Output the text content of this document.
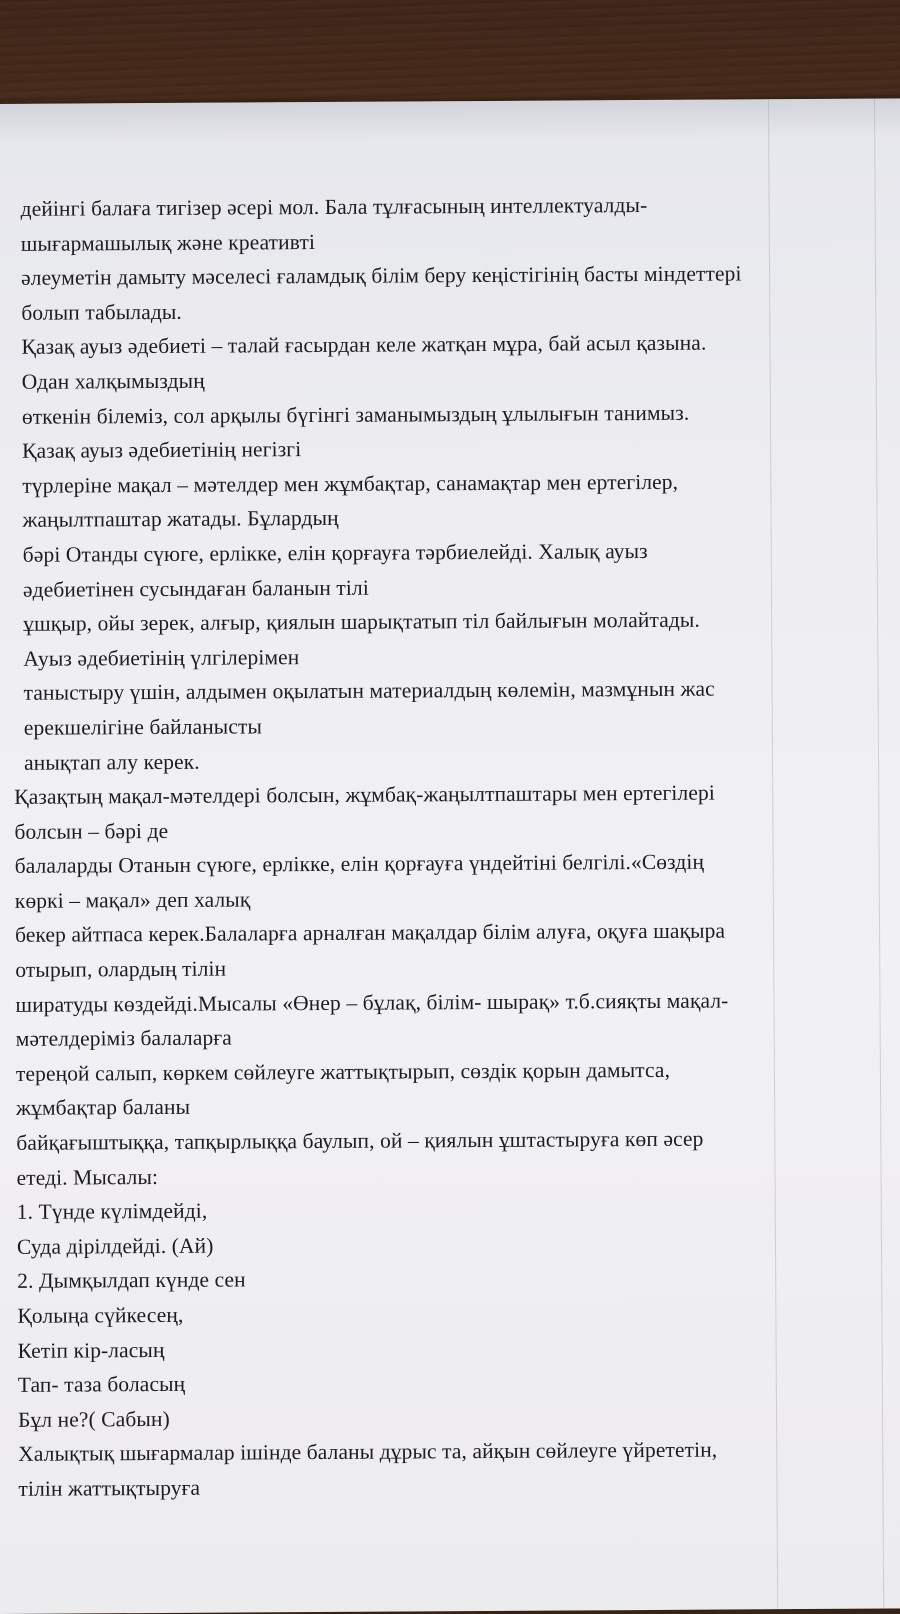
дейінгі балаға тигізер әсері мол. Бала тұлғасының интеллектуалды-
шығармашылық және креативті
әлеуметін дамыту мәселесі ғаламдық білім беру кеңістігінің басты міндеттері
болып табылады.
Қазақ ауыз әдебиеті – талай ғасырдан келе жатқан мұра, бай асыл қазына.
Одан халқымыздың
өткенін білеміз, сол арқылы бүгінгі заманымыздың ұлылығын танимыз.
Қазақ ауыз әдебиетінің негізгі
түрлеріне мақал – мәтелдер мен жұмбақтар, санамақтар мен ертегілер,
жаңылтпаштар жатады. Бұлардың
бәрі Отанды сүюге, ерлікке, елін қорғауға тәрбиелейді. Халық ауыз
әдебиетінен сусындаған баланын тілі
ұшқыр, ойы зерек, алғыр, қиялын шарықтатып тіл байлығын молайтады.
Ауыз әдебиетінің үлгілерімен
таныстыру үшін, алдымен оқылатын материалдың көлемін, мазмұнын жас
ерекшелігіне байланысты
анықтап алу керек.
Қазақтың мақал-мәтелдері болсын, жұмбақ-жаңылтпаштары мен ертегілері
болсын – бәрі де
балаларды Отанын сүюге, ерлікке, елін қорғауға үндейтіні белгілі.«Сөздің
көркі – мақал» деп халық
бекер айтпаса керек.Балаларға арналған мақалдар білім алуға, оқуға шақыра
отырып, олардың тілін
ширатуды көздейді.Мысалы «Өнер – бұлақ, білім- шырақ» т.б.сияқты мақал-
мәтелдеріміз балаларға
тереңой салып, көркем сөйлеуге жаттықтырып, сөздік қорын дамытса,
жұмбақтар баланы
байқағыштыққа, тапқырлыққа баулып, ой – қиялын ұштастыруға көп әсер
етеді. Мысалы:
1. Түнде күлімдейді,
Суда дірілдейді. (Ай)
2. Дымқылдап күнде сен
Қолыңа сүйкесең,
Кетіп кір-ласың
Тап- таза боласың
Бұл не?( Сабын)
Халықтық шығармалар ішінде баланы дұрыс та, айқын сөйлеуге үйрететін,
тілін жаттықтыруға
